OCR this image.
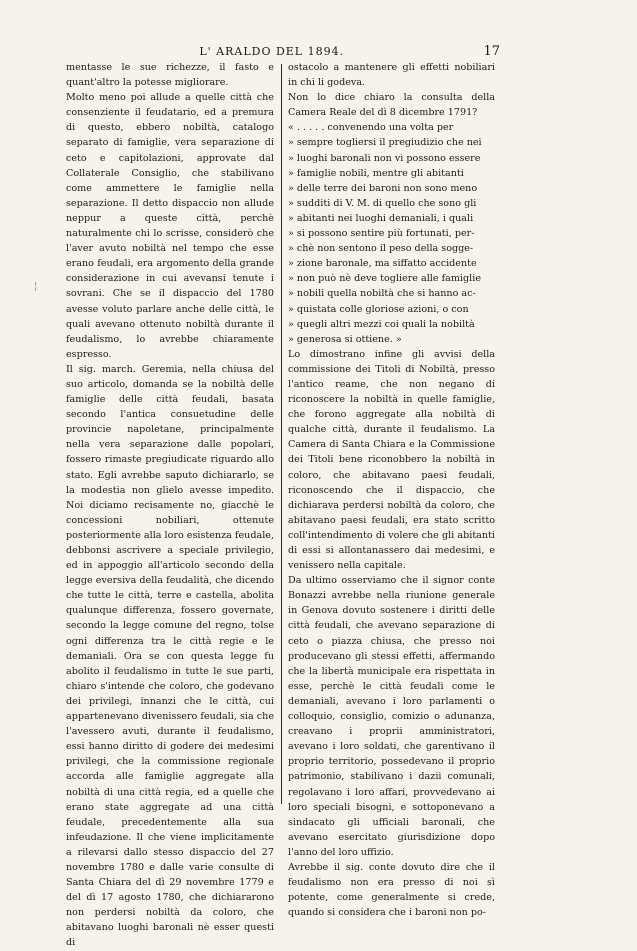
L' ARALDO DEL 1894.	17
¦

mentasse le sue richezze, il fasto e quant'altro la potesse migliorare.

Molto meno poi allude a quelle città che consenziente il feudatario, ed a premura di questo, ebbero nobiltà, catalogo separato di famiglie, vera separazione di ceto e capitolazioni, approvate dal Collaterale Consiglio, che stabilivano come ammettere le famiglie nella separazione. Il detto dispaccio non allude neppur a queste città, perchè naturalmente chi lo scrisse, considerò che l'aver avuto nobiltà nel tempo che esse erano feudali, era argomento della grande considerazione in cui avevansi tenute i sovrani. Che se il dispaccio del 1780 avesse voluto parlare anche delle città, le quali avevano ottenuto nobiltà durante il feudalismo, lo avrebbe chiaramente espresso.

Il sig. march. Geremia, nella chiusa del suo articolo, domanda se la nobiltà delle famiglie delle città feudali, basata secondo l'antica consuetudine delle provincie napoletane, principalmente nella vera separazione dalle popolari, fossero rimaste pregiudicate riguardo allo stato. Egli avrebbe saputo dichiararlo, se la modestia non glielo avesse impedito. Noi diciamo recisamente no, giacchè le concessioni nobiliari, ottenute posteriormente alla loro esistenza feudale, debbonsi ascrivere a speciale privilegio, ed in appoggio all'articolo secondo della legge eversiva della feudalità, che dicendo che tutte le città, terre e castella, abolita qualunque differenza, fossero governate, secondo la legge comune del regno, tolse ogni differenza tra le città regie e le demaniali. Ora se con questa legge fu abolito il feudalismo in tutte le sue parti, chiaro s'intende che coloro, che godevano dei privilegi, innanzi che le città, cui appartenevano divenissero feudali, sia che l'avessero avuti, durante il feudalismo, essi hanno diritto di godere dei medesimi privilegi, che la commissione regionale accorda alle famiglie aggregate alla nobiltà di una città regia, ed a quelle che erano state aggregate ad una città feudale, precedentemente alla sua infeudazione. Il che viene implicitamente a rilevarsi dallo stesso dispaccio del 27 novembre 1780 e dalle varie consulte di Santa Chiara del dì 29 novembre 1779 e del dì 17 agosto 1780, che dichiararono non perdersi nobiltà da coloro, che abitavano luoghi baronali nè esser questi di

ostacolo a mantenere gli effetti nobiliari in chi li godeva.

Non lo dice chiaro la consulta della Camera Reale del dì 8 dicembre 1791?

« . . . . . convenendo una volta per
» sempre togliersi il pregiudizio che nei
» luoghi baronali non vi possono essere
» famiglie nobili, mentre gli abitanti
» delle terre dei baroni non sono meno
» sudditi di V. M. di quello che sono gli
» abitanti nei luoghi demaniali, i quali
» si possono sentire più fortunati, per-
» chè non sentono il peso della sogge-
» zione baronale, ma siffatto accidente
» non può nè deve togliere alle famiglie
» nobili quella nobiltà che si hanno ac-
» quistata colle gloriose azioni, o con
» quegli altri mezzi coi quali la nobiltà
» generosa si ottiene. »

Lo dimostrano infine gli avvisi della commissione dei Titoli di Nobiltà, presso l'antico reame, che non negano di riconoscere la nobiltà in quelle famiglie, che forono aggregate alla nobiltà di qualche città, durante il feudalismo. La Camera di Santa Chiara e la Commissione dei Titoli bene riconobbero la nobiltà in coloro, che abitavano paesi feudali, riconoscendo che il dispaccio, che dichiarava perdersi nobiltà da coloro, che abitavano paesi feudali, era stato scritto coll'intendimento di volere che gli abitanti di essi si allontanassero dai medesimi, e venissero nella capitale.

Da ultimo osserviamo che il signor conte Bonazzi avrebbe nella riunione generale in Genova dovuto sostenere i diritti delle città feudali, che avevano separazione di ceto o piazza chiusa, che presso noi producevano gli stessi effetti, affermando che la libertà municipale era rispettata in esse, perchè le città feudali come le demaniali, avevano i loro parlamenti o colloquio, consiglio, comizio o adunanza, creavano i proprii amministratori, avevano i loro soldati, che garentivano il proprio territorio, possedevano il proprio patrimonio, stabilivano i dazii comunali, regolavano i loro affari, provvedevano ai loro speciali bisogni, e sottoponevano a sindacato gli ufficiali baronali, che avevano esercitato giurisdizione dopo l'anno del loro uffizio.

Avrebbe il sig. conte dovuto dire che il feudalismo non era presso di noi sì potente, come generalmente si crede, quando si considera che i baroni non po-
